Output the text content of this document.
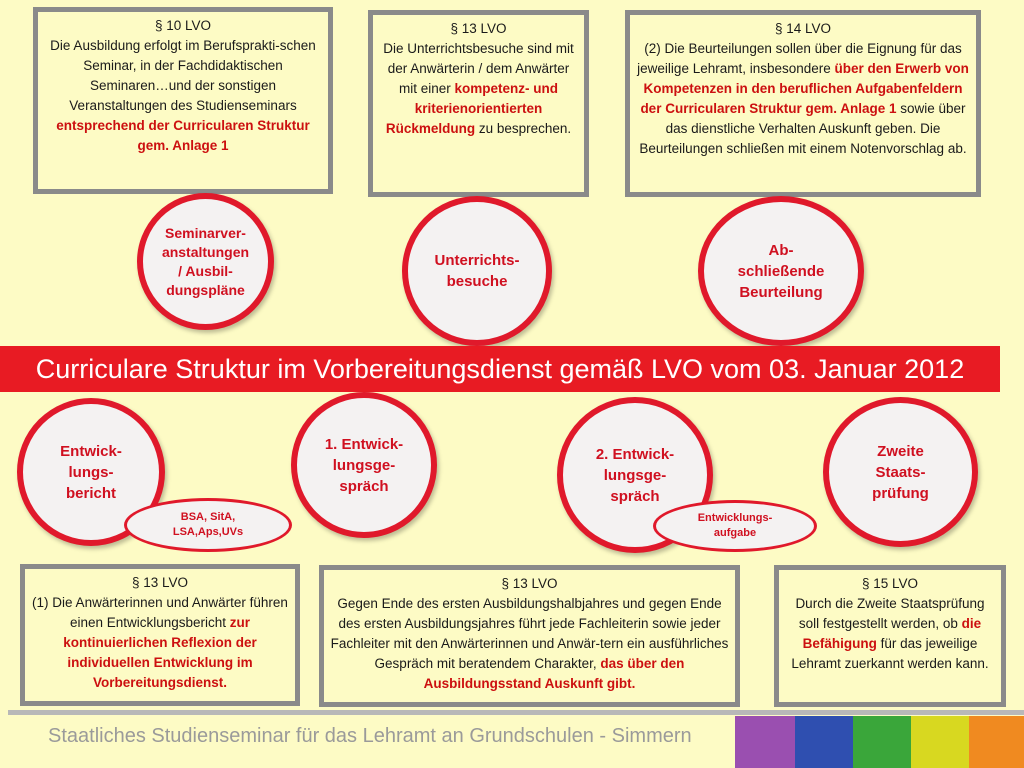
§ 10 LVO
Die Ausbildung erfolgt im Berufsprakti-schen Seminar, in der Fachdidaktischen Seminaren…und der sonstigen Veranstaltungen des Studienseminars entsprechend der Curricularen Struktur gem. Anlage 1
§ 13 LVO
Die Unterrichtsbesuche sind mit der Anwärterin / dem Anwärter mit einer kompetenz- und kriterienorientierten Rückmeldung zu besprechen.
§ 14 LVO
(2) Die Beurteilungen sollen über die Eignung für das jeweilige Lehramt, insbesondere über den Erwerb von Kompetenzen in den beruflichen Aufgabenfeldern der Curricularen Struktur gem. Anlage 1 sowie über das dienstliche Verhalten Auskunft geben. Die Beurteilungen schließen mit einem Notenvorschlag ab.
Seminarver-
anstaltungen
/ Ausbil-
dungspläne
Unterrichts-
besuche
Ab-
schließende
Beurteilung
Curriculare Struktur im Vorbereitungsdienst gemäß LVO vom 03. Januar 2012
Entwick-
lungs-
bericht
1. Entwick-
lungsge-
spräch
2. Entwick-
lungsge-
spräch
Zweite
Staats-
prüfung
BSA, SitA,
LSA,Aps,UVs
Entwicklungs-
aufgabe
§ 13 LVO
(1) Die Anwärterinnen und Anwärter führen einen Entwicklungsbericht zur kontinuierlichen Reflexion der individuellen Entwicklung im Vorbereitungsdienst.
§ 13 LVO
Gegen Ende des ersten Ausbildungshalbjahres und gegen Ende des ersten Ausbildungsjahres führt jede Fachleiterin sowie jeder Fachleiter mit den Anwärterinnen und Anwär-tern ein ausführliches Gespräch mit beratendem Charakter, das über den Ausbildungsstand Auskunft gibt.
§ 15 LVO
Durch die Zweite Staatsprüfung soll festgestellt werden, ob die Befähigung für das jeweilige Lehramt zuerkannt werden kann.
Staatliches Studienseminar für das Lehramt an Grundschulen - Simmern
